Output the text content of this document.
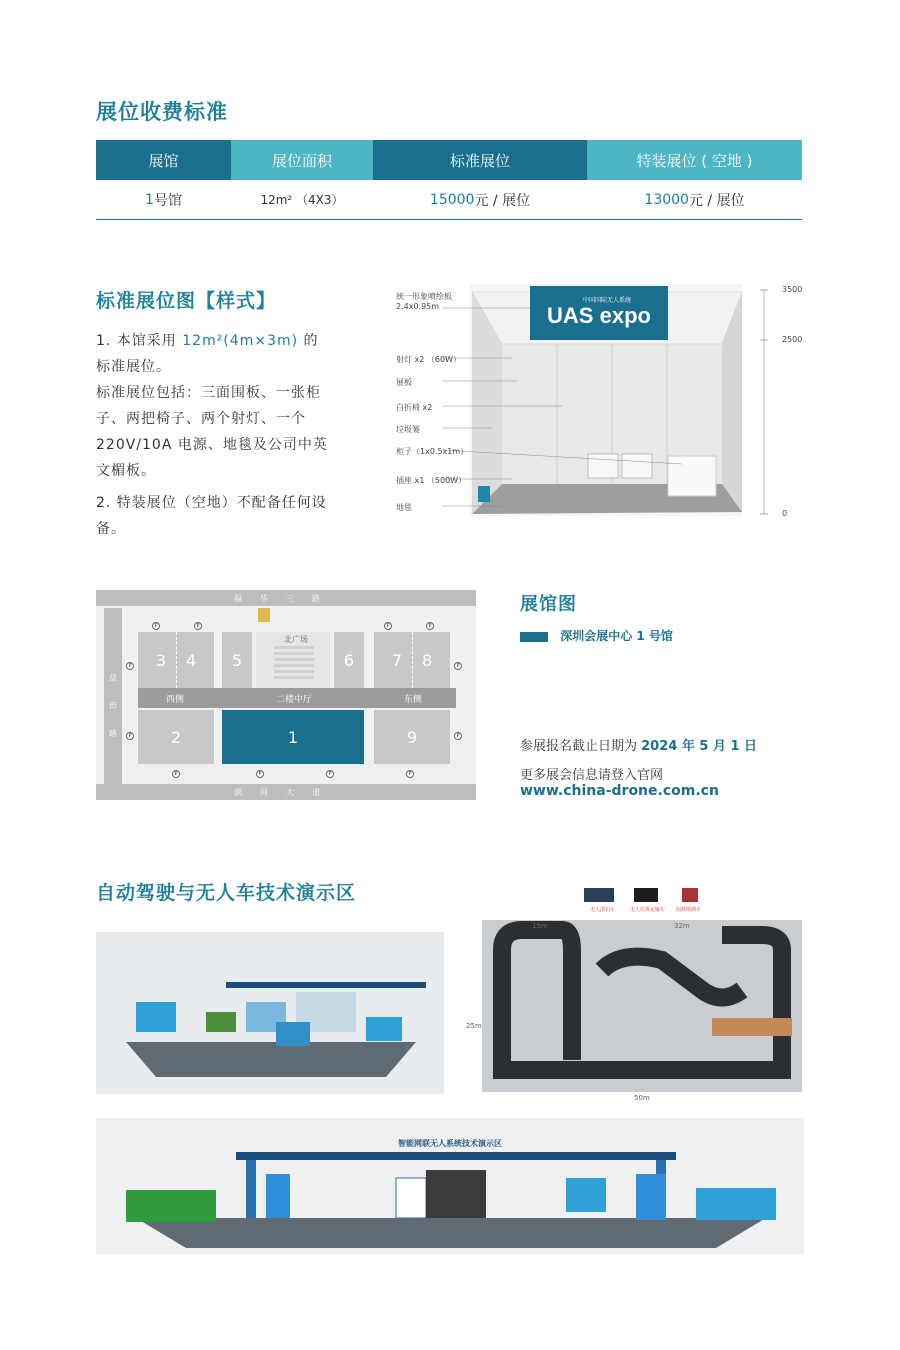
展位收费标准
展馆	展位面积	标准展位	特装展位 ( 空地 )
1 号馆	12m² （4X3）	15000 元 / 展位	13000 元 / 展位
标准展位图【样式】

1. 本馆采用 12m²(4m×3m) 的标准展位。

标准展位包括：三面围板、一张柜子、两把椅子、两个射灯、一个220V/10A 电源、地毯及公司中英文楣板。

2. 特装展位（空地）不配备任何设备。

UAS expo
中国国际无人系统
统一形象喷绘板 2.4x0.95m
射灯 x2 （60W）
展板
白折椅 x2
垃圾篓
柜子（1x0.5x1m）
插座 x1 （500W）
地毯
3500
2500
0
福华三路
滨河大道
益田路
3 4	5	6	7 8
北广场
西侧	二楼中厅	东侧
2	1	9
P	P	P	P
P
P
P
P
P	P	P	P
展馆图
深圳会展中心 1 号馆
参展报名截止日期为 2024 年 5 月 1 日
更多展会信息请登入官网
www.china-drone.com.cn
自动驾驶与无人车技术演示区
15m	32m
25m
50m
无人清扫车	无人垃圾运输车 园林喷洒车
智能网联无人系统技术演示区
